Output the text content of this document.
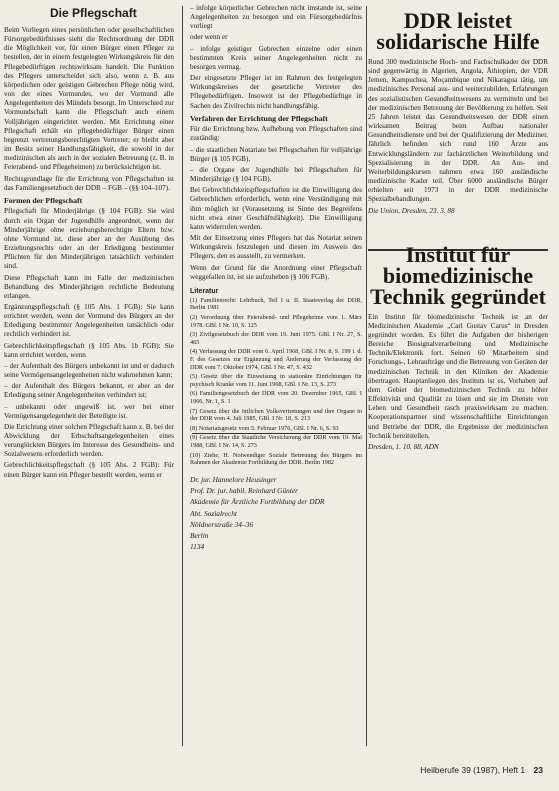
Die Pflegschaft

Beim Vorliegen eines persönlichen oder gesellschaftlichen Fürsorgebedürfnisses sieht die Rechtsordnung der DDR die Möglichkeit vor, für einen Bürger einen Pfleger zu bestellen, der in einem festgelegten Wirkungskreis für den Pflegebedürftigen rechtswirksam handelt. Die Funktion des Pflegers unterscheidet sich also, wenn z. B. aus körperlichen oder geistigen Gebrechen Pflege nötig wird, von der eines Vormundes, wo der Vormund alle Angelegenheiten des Mündels besorgt. Im Unterschied zur Vormundschaft kann die Pflegschaft auch einem Volljährigen eingerichtet werden. Mit Errichtung einer Pflegschaft erhält ein pflegebedürftiger Bürger einen begrenzt vertretungsberechtigten Vertreter; er bleibt aber im Besitz seiner Handlungsfähigkeit, die sowohl in der medizinischen als auch in der sozialen Betreuung (z. B. in Feierabend- und Pflegeheimen) zu berücksichtigen ist.

Rechtsgrundlage für die Errichtung von Pflegschaften ist das Familiengesetzbuch der DDR – FGB – (§§ 104–107).

Formen der Pflegschaft

Pflegschaft für Minderjährige (§ 104 FGB): Sie wird durch ein Organ der Jugendhilfe angeordnet, wenn der Minderjährige ohne erziehungsberechtigte Eltern bzw. ohne Vormund ist, diese aber an der Ausübung des Erziehungsrechts oder an der Erledigung bestimmter Pflichten für den Minderjährigen tatsächlich verhindert sind.

Diese Pflegschaft kann im Falle der medizinischen Behandlung des Minderjährigen rechtliche Bedeutung erlangen.

Ergänzungspflegschaft (§ 105 Abs. 1 FGB): Sie kann errichtet werden, wenn der Vormund des Bürgers an der Erledigung bestimmter Angelegenheiten tatsächlich oder rechtlich verhindert ist.

Gebrechlichkeitspflegschaft (§ 105 Abs. 1b FGB): Sie kann errichtet werden, wenn

– der Aufenthalt des Bürgers unbekannt ist und er dadurch seine Vermögensangelegenheiten nicht wahrnehmen kann;

– der Aufenthalt des Bürgers bekannt, er aber an der Erledigung seiner Angelegenheiten verhindert ist;

– unbekannt oder ungewiß ist, wer bei einer Vermögensangelegenheit der Beteiligte ist.

Die Errichtung einer solchen Pflegschaft kann z. B. bei der Abwicklung der Erbschaftsangelegenheiten eines verunglückten Bürgers im Interesse des Gesundheits- und Sozialwesens erforderlich werden.

Gebrechlichkeitspflegschaft (§ 105 Abs. 2 FGB): Für einen Bürger kann ein Pfleger bestellt werden, wenn er

– infolge körperlicher Gebrechen nicht imstande ist, seine Angelegenheiten zu besorgen und ein Fürsorgebedürfnis vorliegt

oder wenn er

– infolge geistiger Gebrechen einzelne oder einen bestimmten Kreis seiner Angelegenheiten nicht zu besorgen vermag.

Der eingesetzte Pfleger ist im Rahmen des festgelegten Wirkungskreises der gesetzliche Vertreter des Pflegebedürftigen. Insoweit ist der Pflegebedürftige in Sachen des Zivilrechts nicht handlungsfähig.

Verfahren der Errichtung der Pflegschaft

Für die Errichtung bzw. Aufhebung von Pflegschaften sind zuständig:

– die staatlichen Notariate bei Pflegschaften für volljährige Bürger (§ 105 FGB),

– die Organe der Jugendhilfe bei Pflegschaften für Minderjährige (§ 104 FGB).

Bei Gebrechlichkeitspflegschaften ist die Einwilligung des Gebrechlichen erforderlich, wenn eine Verständigung mit ihm möglich ist (Vorausetzung ist Sinne des Begreifens nicht etwa einer Geschäftsfähigkeit). Die Einwilligung kann widerrufen werden.

Mit der Einsetzung eines Pflegers hat das Notariat seinen Wirkungskreis festzulegen und diesen im Ausweis des Pflegers, den es ausstellt, zu vermerken.

Wenn der Grund für die Anordnung einer Pflegschaft weggefallen ist, ist sie aufzuheben (§ 106 FGB).

Literatur

(1) Familienrecht: Lehrbuch, Teil I u. II. Staatsverlag der DDR, Berlin 1981

(2) Verordnung über Feierabend- und Pflegeheime vom 1. März 1978. GBl. I Nr. 10, S. 125

(3) Zivilgesetzbuch der DDR vom 19. Juni 1975. GBl. I Nr. 27, S. 465

(4) Verfassung der DDR vom 6. April 1968, GBl. I Nr. 8, S. 199 i. d. F. des Gesetzes zur Ergänzung und Änderung der Verfassung der DDR vom 7. Oktober 1974, GBl. I Nr. 47, S. 432

(5) Gesetz über die Einweisung in stationäre Einrichtungen für psychisch Kranke vom 11. Juni 1968, GBl. I Nr. 13, S. 273

(6) Familiengesetzbuch der DDR vom 20. Dezember 1965, GBl. I 1966, Nr. 1, S. 1

(7) Gesetz über die örtlichen Volksvertretungen und ihre Organe in der DDR vom 4. Juli 1985, GBl. I Nr. 18, S. 213

(8) Notariatsgesetz vom 5. Februar 1976, GBl. I Nr. 6, S. 93

(9) Gesetz über die Staatliche Versicherung der DDR vom 19. Mai 1988, GBl. I Nr. 14, S. 273

(10) Ziehe, H. Notwendiger Soziale Betreuung des Bürgers im Rahmen der Akademie Fortbildung der DDR. Berlin 1982

Dr. jur. Hannelore Heusinger

Prof. Dr. jur. habil. Reinhard Günter

Akademie für Ärztliche Fortbildung der DDR

Abt. Sozialrecht

Nöldnerstraße 34–36

Berlin

1134

DDR leistet solidarische Hilfe

Rund 300 medizinische Hoch- und Fachschulkader der DDR sind gegenwärtig in Algerien, Angola, Äthiopien, der VDR Jemen, Kampuchea, Moçambique und Nikaragua tätig, um medizinisches Personal aus- und weiterzubilden, Erfahrungen des sozialistischen Gesundheitswesens zu vermitteln und bei der medizinischen Betreuung der Bevölkerung zu helfen. Seit 25 Jahren leistet das Gesundheitswesen der DDR einen wirksamen Beitrag beim Aufbau nationaler Gesundheitsdienste und bei der Qualifizierung der Mediziner. Jährlich befinden sich rund 160 Ärzte aus Entwicklungsländern zur fachärztlichen Weiterbildung und Spezialisierung in der DDR. An Aus- und Weiterbildungskursen nahmen etwa 160 ausländische medizinische Kader teil. Über 6000 ausländische Bürger erhielten seit 1973 in der DDR medizinische Spezialbehandlungen.

Die Union, Dresden, 23. 3. 88

Institut für biomedizinische Technik gegründet

Ein Institut für biomedizinische Technik ist an der Medizinischen Akademie „Carl Gustav Carus“ in Dresden gegründet worden. Es führt die Aufgaben der bisherigen Bereiche Biosignalverarbeitung und Medizinische Technik/Elektronik fort. Seinen 60 Mitarbeitern sind Forschungs-, Lehraufträge und die Betreuung von Geräten der medizinischen Technik in den Kliniken der Akademie übertragen. Hauptanliegen des Instituts ist es, Vorhaben auf dem Gebiet der biomedizinischen Technik zu höher Effektivität und Qualität zu lösen und sie im Dienste von Leben und Gesundheit rasch praxiswirksam zu machen. Kooperationspartner sind wissenschaftliche Einrichtungen und Betriebe der DDR, die Ergebnisse der medizinischen Technik bereitstellen.

Dresden, 1. 10. 88, ADN

Heilberufe 39 (1987), Heft 1 23
